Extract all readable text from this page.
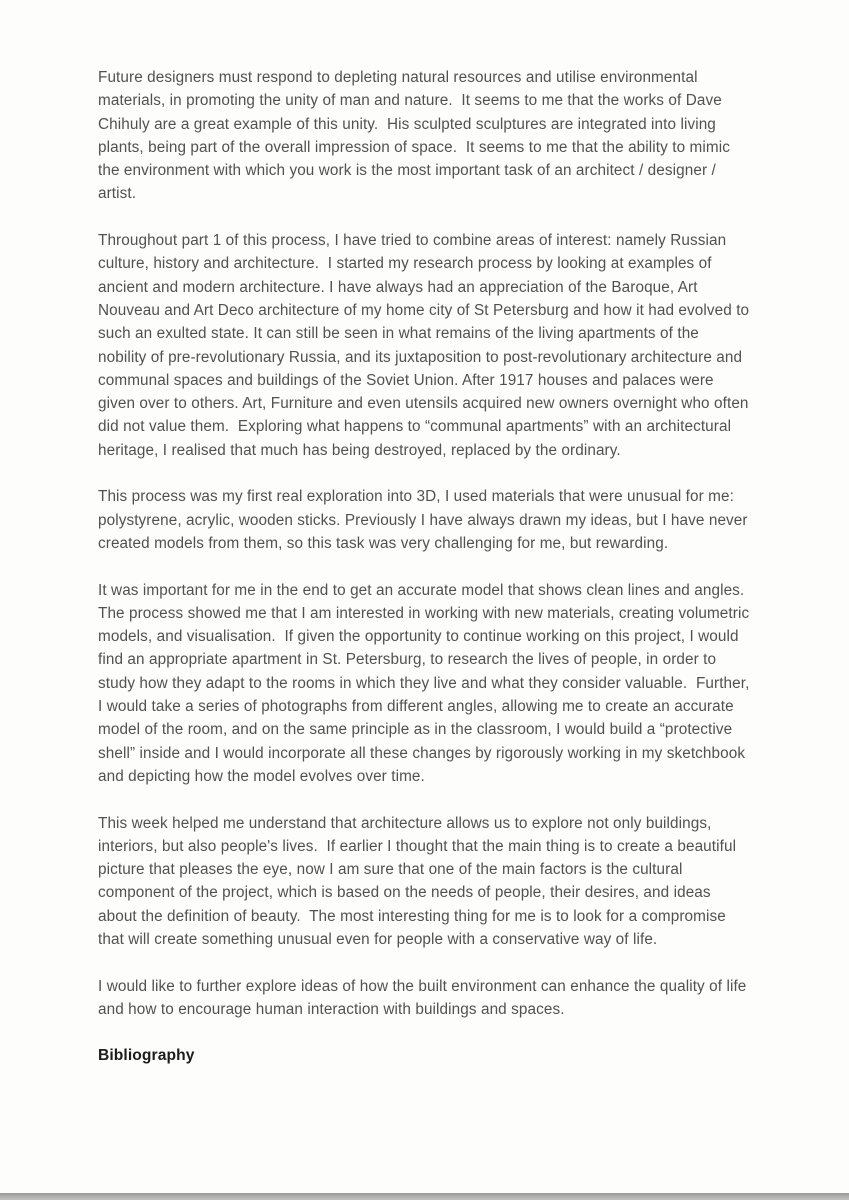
Future designers must respond to depleting natural resources and utilise environmental materials, in promoting the unity of man and nature.  It seems to me that the works of Dave Chihuly are a great example of this unity.  His sculpted sculptures are integrated into living plants, being part of the overall impression of space.  It seems to me that the ability to mimic the environment with which you work is the most important task of an architect / designer / artist.

Throughout part 1 of this process, I have tried to combine areas of interest: namely Russian culture, history and architecture.  I started my research process by looking at examples of ancient and modern architecture. I have always had an appreciation of the Baroque, Art Nouveau and Art Deco architecture of my home city of St Petersburg and how it had evolved to such an exulted state. It can still be seen in what remains of the living apartments of the nobility of pre-revolutionary Russia, and its juxtaposition to post-revolutionary architecture and communal spaces and buildings of the Soviet Union. After 1917 houses and palaces were given over to others. Art, Furniture and even utensils acquired new owners overnight who often did not value them.  Exploring what happens to “communal apartments” with an architectural heritage, I realised that much has being destroyed, replaced by the ordinary.

This process was my first real exploration into 3D, I used materials that were unusual for me: polystyrene, acrylic, wooden sticks. Previously I have always drawn my ideas, but I have never created models from them, so this task was very challenging for me, but rewarding.

It was important for me in the end to get an accurate model that shows clean lines and angles. The process showed me that I am interested in working with new materials, creating volumetric models, and visualisation.  If given the opportunity to continue working on this project, I would find an appropriate apartment in St. Petersburg, to research the lives of people, in order to study how they adapt to the rooms in which they live and what they consider valuable.  Further, I would take a series of photographs from different angles, allowing me to create an accurate model of the room, and on the same principle as in the classroom, I would build a “protective shell” inside and I would incorporate all these changes by rigorously working in my sketchbook and depicting how the model evolves over time.

This week helped me understand that architecture allows us to explore not only buildings, interiors, but also people's lives.  If earlier I thought that the main thing is to create a beautiful picture that pleases the eye, now I am sure that one of the main factors is the cultural component of the project, which is based on the needs of people, their desires, and ideas about the definition of beauty.  The most interesting thing for me is to look for a compromise that will create something unusual even for people with a conservative way of life.

I would like to further explore ideas of how the built environment can enhance the quality of life and how to encourage human interaction with buildings and spaces.

Bibliography
